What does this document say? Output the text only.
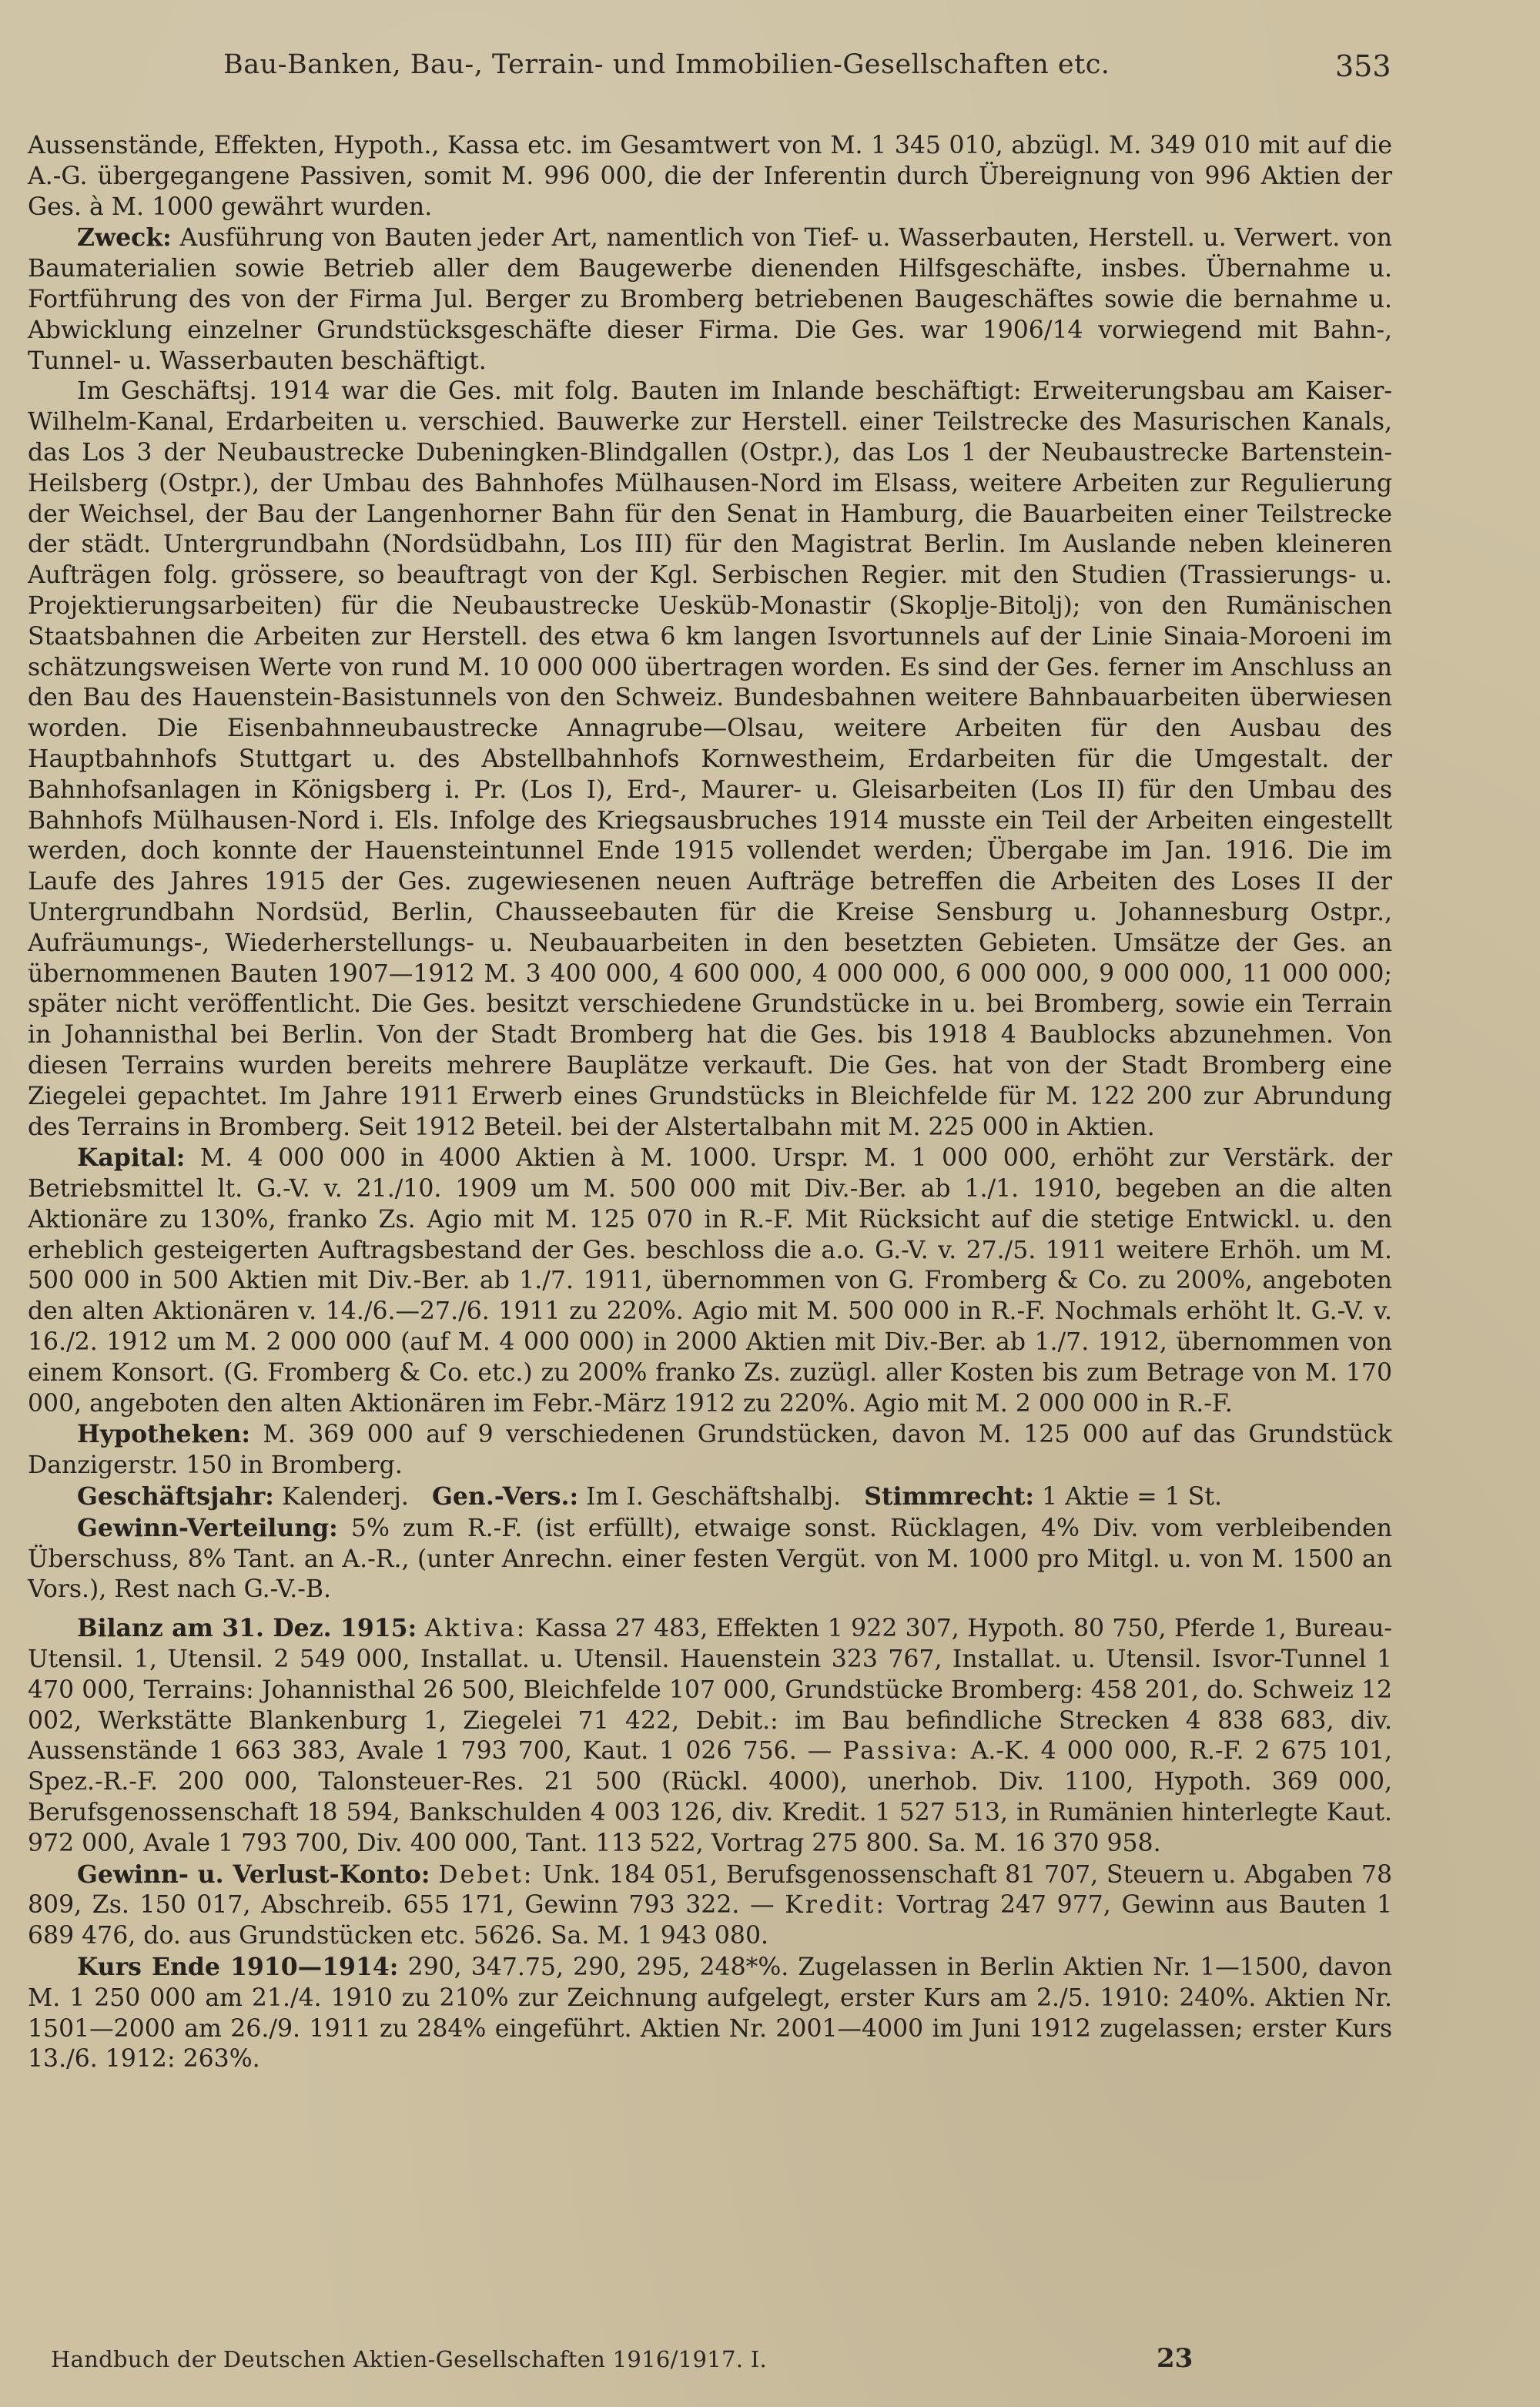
Bau-Banken, Bau-, Terrain- und Immobilien-Gesellschaften etc.	353

Aussenstände, Effekten, Hypoth., Kassa etc. im Gesamtwert von M. 1 345 010, abzügl. M. 349 010 mit auf die A.-G. übergegangene Passiven, somit M. 996 000, die der Inferentin durch Übereignung von 996 Aktien der Ges. à M. 1000 gewährt wurden.

Zweck: Ausführung von Bauten jeder Art, namentlich von Tief- u. Wasserbauten, Herstell. u. Verwert. von Baumaterialien sowie Betrieb aller dem Baugewerbe dienenden Hilfsgeschäfte, insbes. Übernahme u. Fortführung des von der Firma Jul. Berger zu Bromberg betriebenen Baugeschäftes sowie die bernahme u. Abwicklung einzelner Grundstücksgeschäfte dieser Firma. Die Ges. war 1906/14 vorwiegend mit Bahn-, Tunnel- u. Wasserbauten beschäftigt.

Im Geschäftsj. 1914 war die Ges. mit folg. Bauten im Inlande beschäftigt: Erweiterungsbau am Kaiser-Wilhelm-Kanal, Erdarbeiten u. verschied. Bauwerke zur Herstell. einer Teilstrecke des Masurischen Kanals, das Los 3 der Neubaustrecke Dubeningken-Blindgallen (Ostpr.), das Los 1 der Neubaustrecke Bartenstein-Heilsberg (Ostpr.), der Umbau des Bahnhofes Mülhausen-Nord im Elsass, weitere Arbeiten zur Regulierung der Weichsel, der Bau der Langenhorner Bahn für den Senat in Hamburg, die Bauarbeiten einer Teilstrecke der städt. Untergrundbahn (Nordsüdbahn, Los III) für den Magistrat Berlin. Im Auslande neben kleineren Aufträgen folg. grössere, so beauftragt von der Kgl. Serbischen Regier. mit den Studien (Trassierungs- u. Projektierungsarbeiten) für die Neubaustrecke Uesküb-Monastir (Skoplje-Bitolj); von den Rumänischen Staatsbahnen die Arbeiten zur Herstell. des etwa 6 km langen Isvortunnels auf der Linie Sinaia-Moroeni im schätzungsweisen Werte von rund M. 10 000 000 übertragen worden. Es sind der Ges. ferner im Anschluss an den Bau des Hauenstein-Basistunnels von den Schweiz. Bundesbahnen weitere Bahnbauarbeiten überwiesen worden. Die Eisenbahnneubaustrecke Annagrube—Olsau, weitere Arbeiten für den Ausbau des Hauptbahnhofs Stuttgart u. des Abstellbahnhofs Kornwestheim, Erdarbeiten für die Umgestalt. der Bahnhofsanlagen in Königsberg i. Pr. (Los I), Erd-, Maurer- u. Gleisarbeiten (Los II) für den Umbau des Bahnhofs Mülhausen-Nord i. Els. Infolge des Kriegsausbruches 1914 musste ein Teil der Arbeiten eingestellt werden, doch konnte der Hauensteintunnel Ende 1915 vollendet werden; Übergabe im Jan. 1916. Die im Laufe des Jahres 1915 der Ges. zugewiesenen neuen Aufträge betreffen die Arbeiten des Loses II der Untergrundbahn Nordsüd, Berlin, Chausseebauten für die Kreise Sensburg u. Johannesburg Ostpr., Aufräumungs-, Wiederherstellungs- u. Neubauarbeiten in den besetzten Gebieten. Umsätze der Ges. an übernommenen Bauten 1907—1912 M. 3 400 000, 4 600 000, 4 000 000, 6 000 000, 9 000 000, 11 000 000; später nicht veröffentlicht. Die Ges. besitzt verschiedene Grundstücke in u. bei Bromberg, sowie ein Terrain in Johannisthal bei Berlin. Von der Stadt Bromberg hat die Ges. bis 1918 4 Baublocks abzunehmen. Von diesen Terrains wurden bereits mehrere Bauplätze verkauft. Die Ges. hat von der Stadt Bromberg eine Ziegelei gepachtet. Im Jahre 1911 Erwerb eines Grundstücks in Bleichfelde für M. 122 200 zur Abrundung des Terrains in Bromberg. Seit 1912 Beteil. bei der Alstertalbahn mit M. 225 000 in Aktien.

Kapital: M. 4 000 000 in 4000 Aktien à M. 1000. Urspr. M. 1 000 000, erhöht zur Verstärk. der Betriebsmittel lt. G.-V. v. 21./10. 1909 um M. 500 000 mit Div.-Ber. ab 1./1. 1910, begeben an die alten Aktionäre zu 130%, franko Zs. Agio mit M. 125 070 in R.-F. Mit Rücksicht auf die stetige Entwickl. u. den erheblich gesteigerten Auftragsbestand der Ges. beschloss die a.o. G.-V. v. 27./5. 1911 weitere Erhöh. um M. 500 000 in 500 Aktien mit Div.-Ber. ab 1./7. 1911, übernommen von G. Fromberg & Co. zu 200%, angeboten den alten Aktionären v. 14./6.—27./6. 1911 zu 220%. Agio mit M. 500 000 in R.-F. Nochmals erhöht lt. G.-V. v. 16./2. 1912 um M. 2 000 000 (auf M. 4 000 000) in 2000 Aktien mit Div.-Ber. ab 1./7. 1912, übernommen von einem Konsort. (G. Fromberg & Co. etc.) zu 200% franko Zs. zuzügl. aller Kosten bis zum Betrage von M. 170 000, angeboten den alten Aktionären im Febr.-März 1912 zu 220%. Agio mit M. 2 000 000 in R.-F.

Hypotheken: M. 369 000 auf 9 verschiedenen Grundstücken, davon M. 125 000 auf das Grundstück Danzigerstr. 150 in Bromberg.

Geschäftsjahr: Kalenderj. Gen.-Vers.: Im I. Geschäftshalbj. Stimmrecht: 1 Aktie = 1 St.

Gewinn-Verteilung: 5% zum R.-F. (ist erfüllt), etwaige sonst. Rücklagen, 4% Div. vom verbleibenden Überschuss, 8% Tant. an A.-R., (unter Anrechn. einer festen Vergüt. von M. 1000 pro Mitgl. u. von M. 1500 an Vors.), Rest nach G.-V.-B.

Bilanz am 31. Dez. 1915: Aktiva: Kassa 27 483, Effekten 1 922 307, Hypoth. 80 750, Pferde 1, Bureau-Utensil. 1, Utensil. 2 549 000, Installat. u. Utensil. Hauenstein 323 767, Installat. u. Utensil. Isvor-Tunnel 1 470 000, Terrains: Johannisthal 26 500, Bleichfelde 107 000, Grundstücke Bromberg: 458 201, do. Schweiz 12 002, Werkstätte Blankenburg 1, Ziegelei 71 422, Debit.: im Bau befindliche Strecken 4 838 683, div. Aussenstände 1 663 383, Avale 1 793 700, Kaut. 1 026 756. — Passiva: A.-K. 4 000 000, R.-F. 2 675 101, Spez.-R.-F. 200 000, Talonsteuer-Res. 21 500 (Rückl. 4000), unerhob. Div. 1100, Hypoth. 369 000, Berufsgenossenschaft 18 594, Bankschulden 4 003 126, div. Kredit. 1 527 513, in Rumänien hinterlegte Kaut. 972 000, Avale 1 793 700, Div. 400 000, Tant. 113 522, Vortrag 275 800. Sa. M. 16 370 958.

Gewinn- u. Verlust-Konto: Debet: Unk. 184 051, Berufsgenossenschaft 81 707, Steuern u. Abgaben 78 809, Zs. 150 017, Abschreib. 655 171, Gewinn 793 322. — Kredit: Vortrag 247 977, Gewinn aus Bauten 1 689 476, do. aus Grundstücken etc. 5626. Sa. M. 1 943 080.

Kurs Ende 1910—1914: 290, 347.75, 290, 295, 248*%. Zugelassen in Berlin Aktien Nr. 1—1500, davon M. 1 250 000 am 21./4. 1910 zu 210% zur Zeichnung aufgelegt, erster Kurs am 2./5. 1910: 240%. Aktien Nr. 1501—2000 am 26./9. 1911 zu 284% eingeführt. Aktien Nr. 2001—4000 im Juni 1912 zugelassen; erster Kurs 13./6. 1912: 263%.

Handbuch der Deutschen Aktien-Gesellschaften 1916/1917. I.	23
